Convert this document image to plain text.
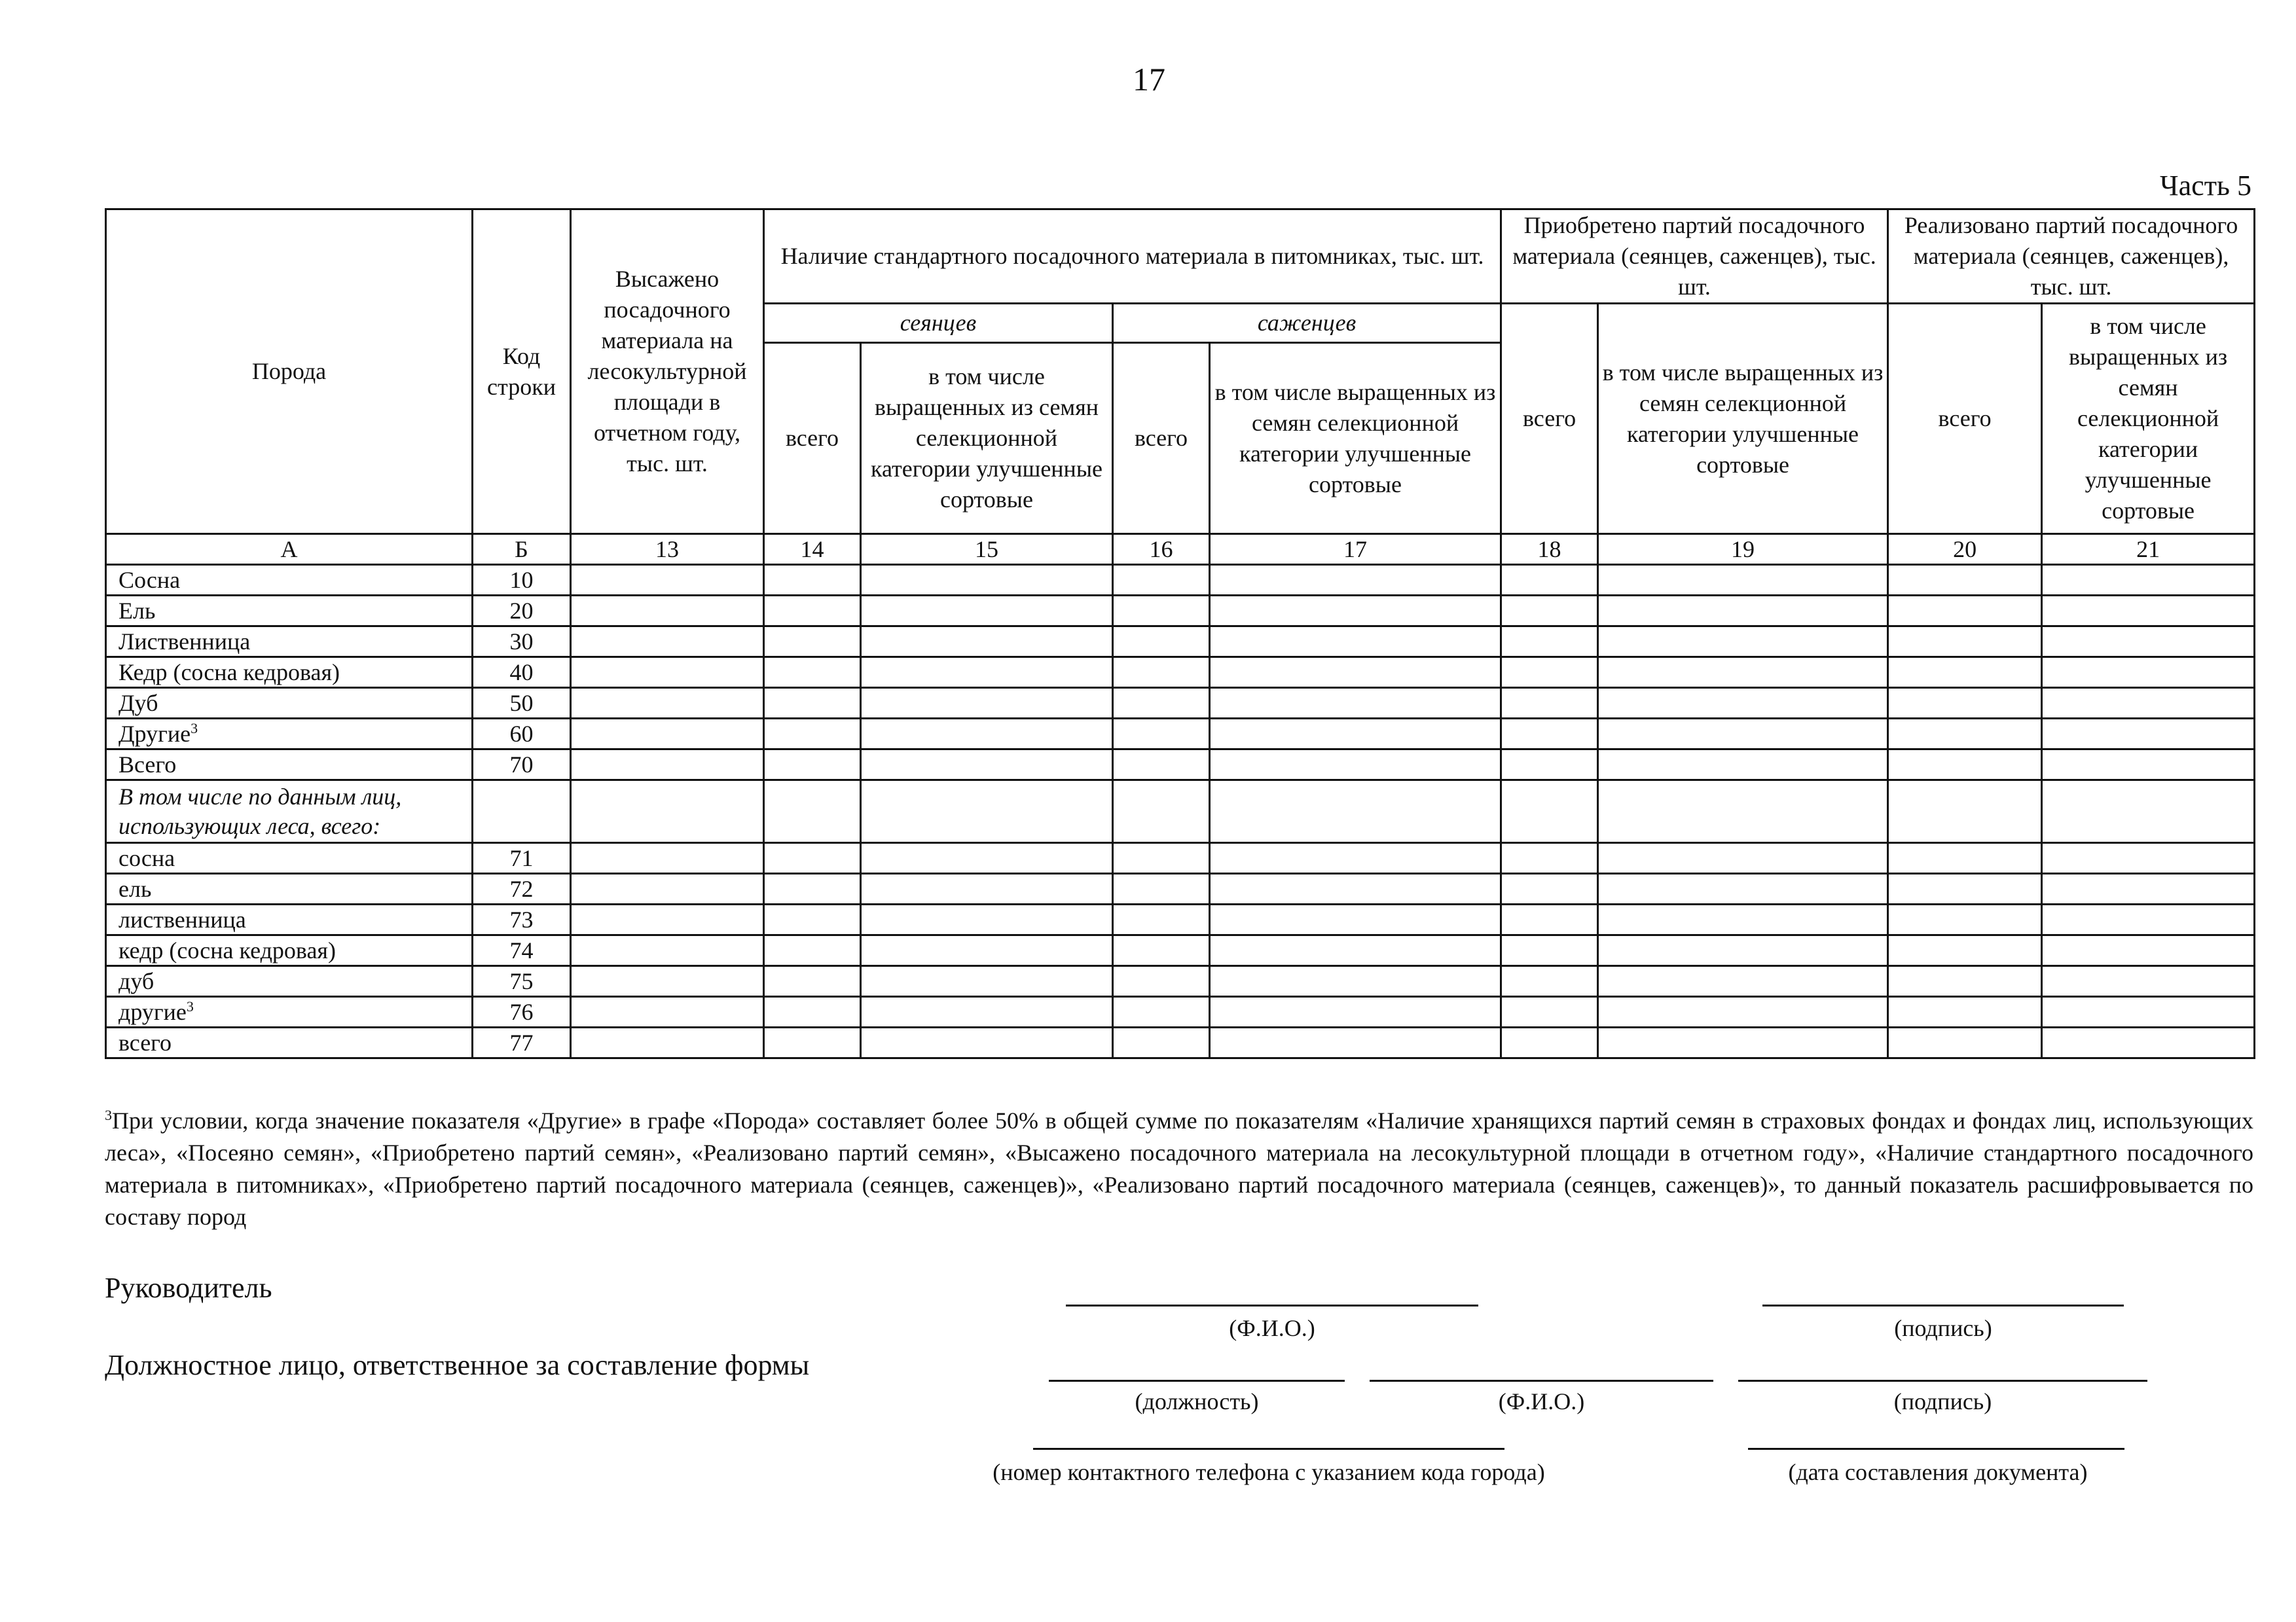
17
Часть 5
Порода	Код строки	Высажено посадочного материала на лесокультурной площади в отчетном году, тыс. шт.	Наличие стандартного посадочного материала в питомниках, тыс. шт.				Приобретено партий посадочного материала (сеянцев, саженцев), тыс. шт.		Реализовано партий посадочного материала (сеянцев, саженцев), тыс. шт.	
			сеянцев		саженцев		всего	в том числе выращенных из семян селекционной категории улучшенные сортовые	всего	в том числе выращенных из семян селекционной категории улучшенные сортовые
			всего	в том числе выращенных из семян селекционной категории улучшенные сортовые	всего	в том числе выращенных из семян селекционной категории улучшенные сортовые				
А	Б	13	14	15	16	17	18	19	20	21
Сосна	10									
Ель	20									
Лиственница	30									
Кедр (сосна кедровая)	40									
Дуб	50									
Другие$^3$	60									
Всего	70									
В том числе по данным лиц, использующих леса, всего:										
сосна	71									
ель	72									
лиственница	73									
кедр (сосна кедровая)	74									
дуб	75									
другие$^3$	76									
всего	77									
$^3$При условии, когда значение показателя «Другие» в графе «Порода» составляет более 50% в общей сумме по показателям «Наличие хранящихся партий семян в страховых фондах и фондах лиц, использующих леса», «Посеяно семян», «Приобретено партий семян», «Реализовано партий семян», «Высажено посадочного материала на лесокультурной площади в отчетном году», «Наличие стандартного посадочного материала в питомниках», «Приобретено партий посадочного материала (сеянцев, саженцев)», «Реализовано партий посадочного материала (сеянцев, саженцев)», то данный показатель расшифровывается по составу пород
Руководитель
(Ф.И.О.)	(подпись)
Должностное лицо, ответственное за составление формы
(должность)	(Ф.И.О.)	(подпись)
(номер контактного телефона с указанием кода города)	(дата составления документа)
